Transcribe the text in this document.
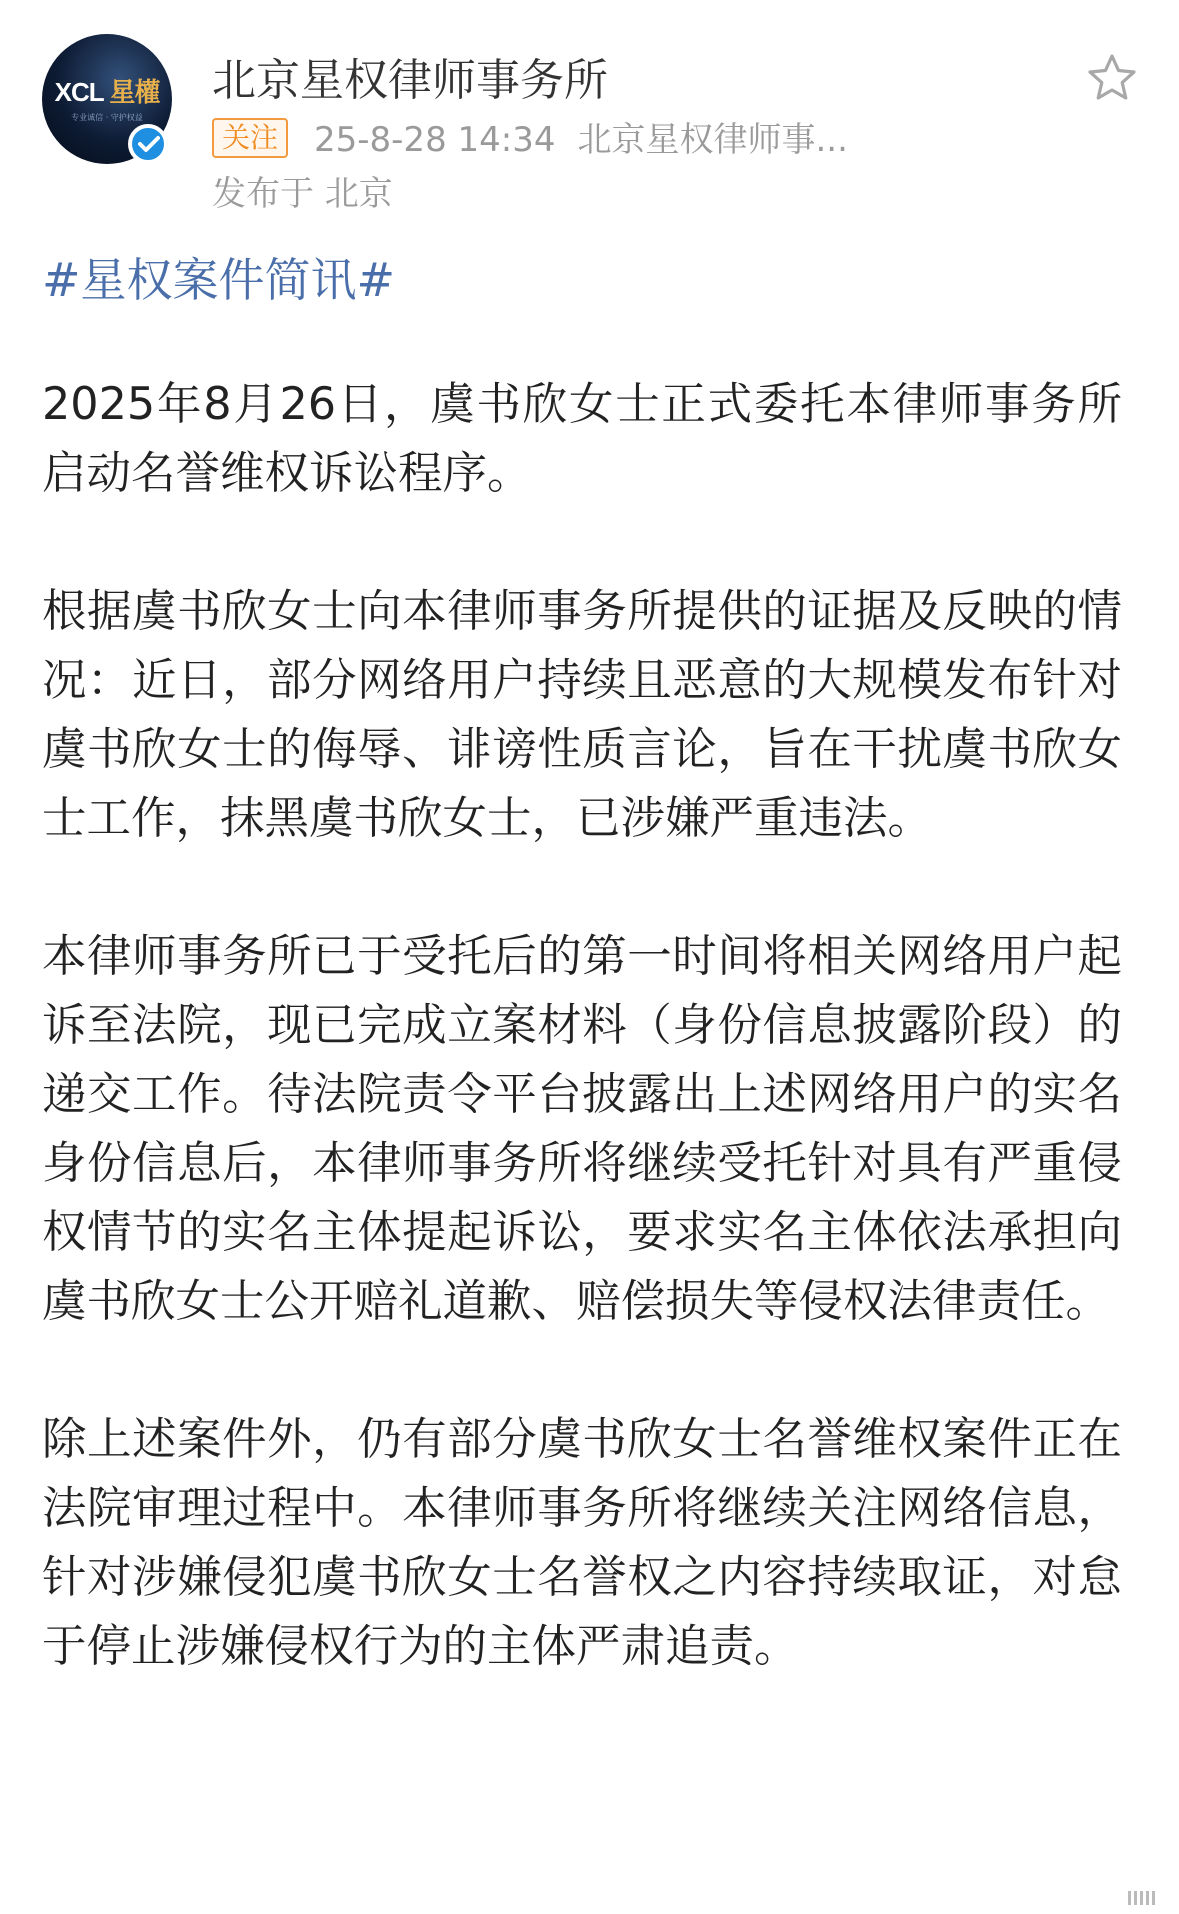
XCL 星權
专业诚信 · 守护权益
北京星权律师事务所
关注 25-8-28 14:34 北京星权律师事...
发布于 北京
#星权案件简讯#

2025年8月26日，虞书欣女士正式委托本律师事务所启动名誉维权诉讼程序。

根据虞书欣女士向本律师事务所提供的证据及反映的情况：近日，部分网络用户持续且恶意的大规模发布针对虞书欣女士的侮辱、诽谤性质言论，旨在干扰虞书欣女士工作，抹黑虞书欣女士，已涉嫌严重违法。

本律师事务所已于受托后的第一时间将相关网络用户起诉至法院，现已完成立案材料（身份信息披露阶段）的递交工作。待法院责令平台披露出上述网络用户的实名身份信息后，本律师事务所将继续受托针对具有严重侵权情节的实名主体提起诉讼，要求实名主体依法承担向虞书欣女士公开赔礼道歉、赔偿损失等侵权法律责任。

除上述案件外，仍有部分虞书欣女士名誉维权案件正在法院审理过程中。本律师事务所将继续关注网络信息，针对涉嫌侵犯虞书欣女士名誉权之内容持续取证，对怠于停止涉嫌侵权行为的主体严肃追责。
